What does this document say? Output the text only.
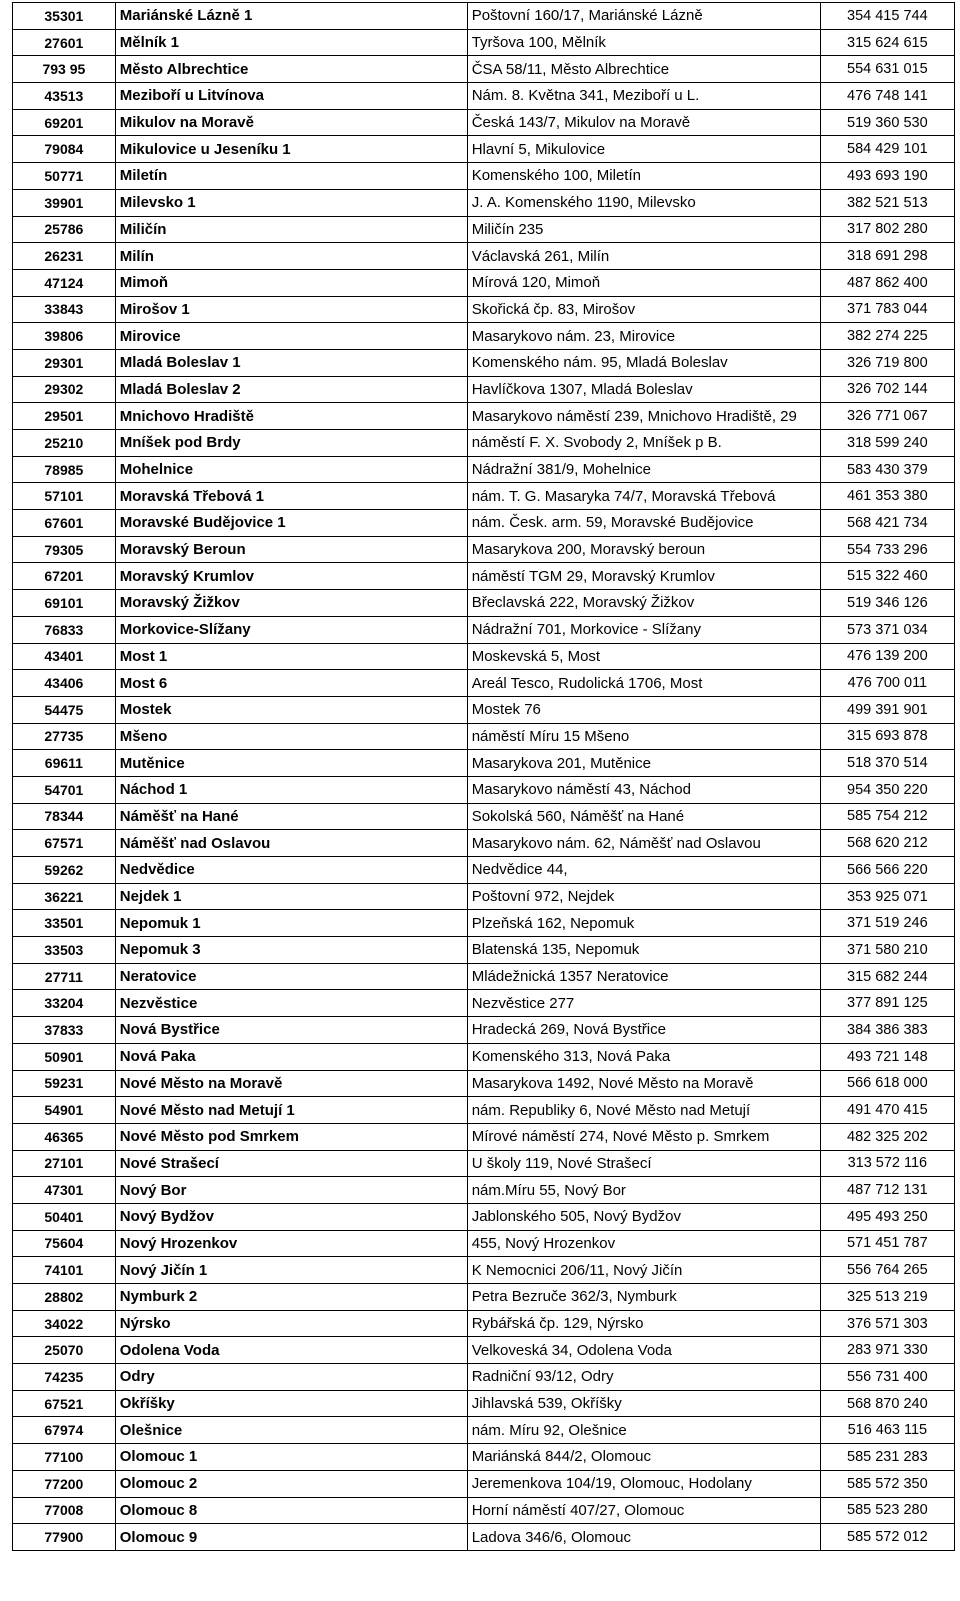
35301	Mariánské Lázně 1	Poštovní 160/17, Mariánské Lázně	354 415 744
27601	Mělník 1	Tyršova 100, Mělník	315 624 615
793 95	Město Albrechtice	ČSA 58/11, Město Albrechtice	554 631 015
43513	Meziboří u Litvínova	Nám. 8. Května 341, Meziboří u L.	476 748 141
69201	Mikulov na Moravě	Česká 143/7, Mikulov na Moravě	519 360 530
79084	Mikulovice u Jeseníku 1	Hlavní 5, Mikulovice	584 429 101
50771	Miletín	Komenského 100, Miletín	493 693 190
39901	Milevsko 1	J. A. Komenského 1190, Milevsko	382 521 513
25786	Miličín	Miličín 235	317 802 280
26231	Milín	Václavská 261, Milín	318 691 298
47124	Mimoň	Mírová 120, Mimoň	487 862 400
33843	Mirošov 1	Skořická čp. 83, Mirošov	371 783 044
39806	Mirovice	Masarykovo nám. 23, Mirovice	382 274 225
29301	Mladá Boleslav 1	Komenského nám. 95, Mladá Boleslav	326 719 800
29302	Mladá Boleslav 2	Havlíčkova 1307, Mladá Boleslav	326 702 144
29501	Mnichovo Hradiště	Masarykovo náměstí 239, Mnichovo Hradiště, 29	326 771 067
25210	Mníšek pod Brdy	náměstí F. X. Svobody 2, Mníšek p B.	318 599 240
78985	Mohelnice	Nádražní 381/9, Mohelnice	583 430 379
57101	Moravská Třebová 1	nám. T. G. Masaryka 74/7, Moravská Třebová	461 353 380
67601	Moravské Budějovice 1	nám. Česk. arm. 59, Moravské Budějovice	568 421 734
79305	Moravský Beroun	Masarykova 200, Moravský beroun	554 733 296
67201	Moravský Krumlov	náměstí TGM 29, Moravský Krumlov	515 322 460
69101	Moravský Žižkov	Břeclavská 222, Moravský Žižkov	519 346 126
76833	Morkovice-Slížany	Nádražní 701, Morkovice - Slížany	573 371 034
43401	Most 1	Moskevská 5, Most	476 139 200
43406	Most 6	Areál Tesco, Rudolická 1706, Most	476 700 011
54475	Mostek	Mostek 76	499 391 901
27735	Mšeno	náměstí Míru 15 Mšeno	315 693 878
69611	Mutěnice	Masarykova 201, Mutěnice	518 370 514
54701	Náchod 1	Masarykovo náměstí 43, Náchod	954 350 220
78344	Náměšť na Hané	Sokolská 560, Náměšť na Hané	585 754 212
67571	Náměšť nad Oslavou	Masarykovo nám. 62, Náměšť nad Oslavou	568 620 212
59262	Nedvědice	Nedvědice 44,	566 566 220
36221	Nejdek 1	Poštovní 972, Nejdek	353 925 071
33501	Nepomuk 1	Plzeňská 162, Nepomuk	371 519 246
33503	Nepomuk 3	Blatenská 135, Nepomuk	371 580 210
27711	Neratovice	Mládežnická 1357 Neratovice	315 682 244
33204	Nezvěstice	Nezvěstice 277	377 891 125
37833	Nová Bystřice	Hradecká 269, Nová Bystřice	384 386 383
50901	Nová Paka	Komenského 313, Nová Paka	493 721 148
59231	Nové Město na Moravě	Masarykova 1492, Nové Město na Moravě	566 618 000
54901	Nové Město nad Metují 1	nám. Republiky 6, Nové Město nad Metují	491 470 415
46365	Nové Město pod Smrkem	Mírové náměstí 274, Nové Město p. Smrkem	482 325 202
27101	Nové Strašecí	U školy 119, Nové Strašecí	313 572 116
47301	Nový Bor	nám.Míru 55, Nový Bor	487 712 131
50401	Nový Bydžov	Jablonského 505, Nový Bydžov	495 493 250
75604	Nový Hrozenkov	455, Nový Hrozenkov	571 451 787
74101	Nový Jičín 1	K Nemocnici 206/11, Nový Jičín	556 764 265
28802	Nymburk 2	Petra Bezruče 362/3, Nymburk	325 513 219
34022	Nýrsko	Rybářská čp. 129, Nýrsko	376 571 303
25070	Odolena Voda	Velkoveská 34, Odolena Voda	283 971 330
74235	Odry	Radniční 93/12, Odry	556 731 400
67521	Okříšky	Jihlavská 539, Okříšky	568 870 240
67974	Olešnice	nám. Míru 92, Olešnice	516 463 115
77100	Olomouc 1	Mariánská 844/2, Olomouc	585 231 283
77200	Olomouc 2	Jeremenkova 104/19, Olomouc, Hodolany	585 572 350
77008	Olomouc 8	Horní náměstí 407/27, Olomouc	585 523 280
77900	Olomouc 9	Ladova 346/6, Olomouc	585 572 012
